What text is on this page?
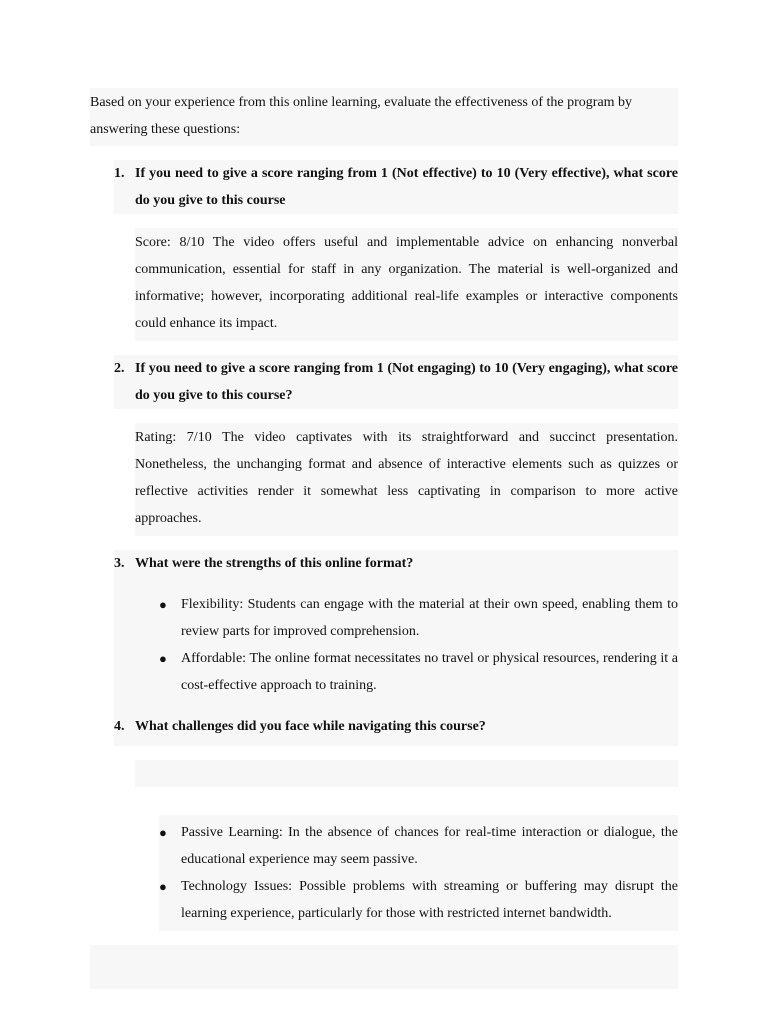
Based on your experience from this online learning, evaluate the effectiveness of the program by answering these questions:
1. If you need to give a score ranging from 1 (Not effective) to 10 (Very effective), what score do you give to this course
Score: 8/10 The video offers useful and implementable advice on enhancing nonverbal communication, essential for staff in any organization. The material is well-organized and informative; however, incorporating additional real-life examples or interactive components could enhance its impact.
2. If you need to give a score ranging from 1 (Not engaging) to 10 (Very engaging), what score do you give to this course?
Rating: 7/10 The video captivates with its straightforward and succinct presentation. Nonetheless, the unchanging format and absence of interactive elements such as quizzes or reflective activities render it somewhat less captivating in comparison to more active approaches.
3. What were the strengths of this online format?
● Flexibility: Students can engage with the material at their own speed, enabling them to review parts for improved comprehension.
● Affordable: The online format necessitates no travel or physical resources, rendering it a cost-effective approach to training.
4. What challenges did you face while navigating this course?
● Passive Learning: In the absence of chances for real-time interaction or dialogue, the educational experience may seem passive.
● Technology Issues: Possible problems with streaming or buffering may disrupt the learning experience, particularly for those with restricted internet bandwidth.
